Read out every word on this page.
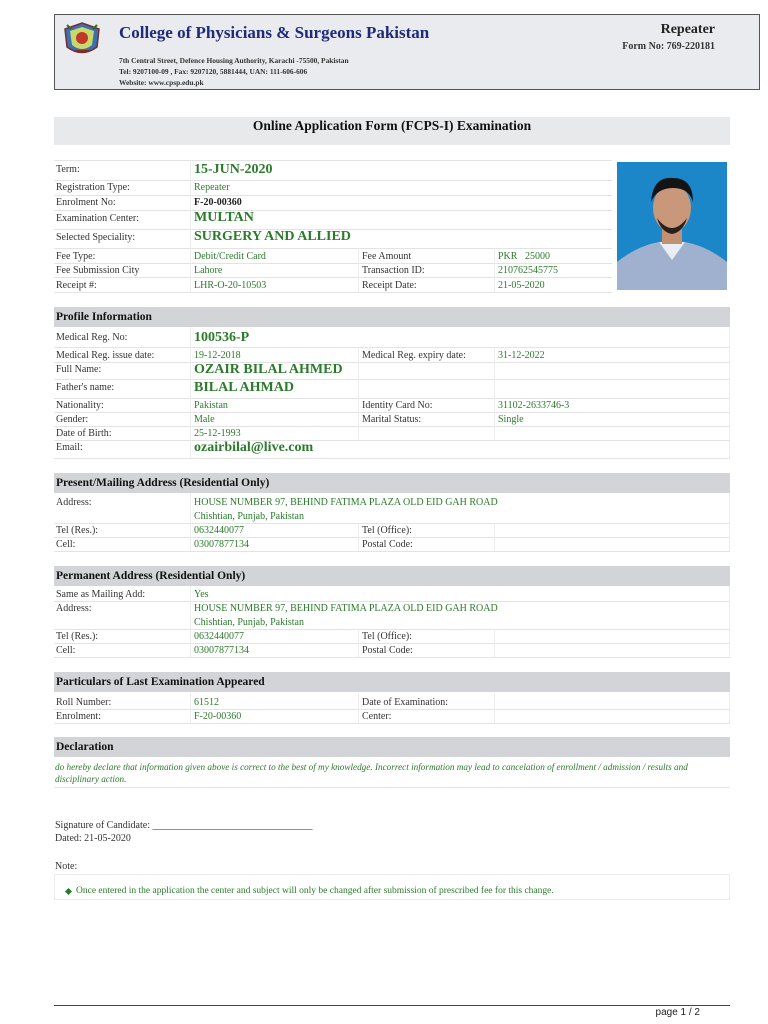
College of Physicians & Surgeons Pakistan
7th Central Street, Defence Housing Authority, Karachi -75500, Pakistan
Tel: 9207100-09 , Fax: 9207120, 5881444, UAN: 111-606-606
Website: www.cpsp.edu.pk
Repeater
Form No: 769-220181
Online Application Form (FCPS-I) Examination
Term:	15-JUN-2020
Registration Type:	Repeater
Enrolment No:	F-20-00360
Examination Center:	MULTAN
Selected Speciality:	SURGERY AND ALLIED
Fee Type:	Debit/Credit Card	Fee Amount	PKR   25000
Fee Submission City	Lahore	Transaction ID:	210762545775
Receipt #:	LHR-O-20-10503	Receipt Date:	21-05-2020
Profile Information
Medical Reg. No:	100536-P
Medical Reg. issue date:	19-12-2018	Medical Reg. expiry date:	31-12-2022
Full Name:	OZAIR BILAL AHMED
Father's name:	BILAL AHMAD
Nationality:	Pakistan	Identity Card No:	31102-2633746-3
Gender:	Male	Marital Status:	Single
Date of Birth:	25-12-1993
Email:	ozairbilal@live.com
Present/Mailing Address (Residential Only)
Address:	HOUSE NUMBER 97, BEHIND FATIMA PLAZA OLD EID GAH ROAD
Chishtian, Punjab, Pakistan
Tel (Res.):	0632440077	Tel (Office):
Cell:	03007877134	Postal Code:
Permanent Address (Residential Only)
Same as Mailing Add:	Yes
Address:	HOUSE NUMBER 97, BEHIND FATIMA PLAZA OLD EID GAH ROAD
Chishtian, Punjab, Pakistan
Tel (Res.):	0632440077	Tel (Office):
Cell:	03007877134	Postal Code:
Particulars of Last Examination Appeared
Roll Number:	61512	Date of Examination:
Enrolment:	F-20-00360	Center:
Declaration
do hereby declare that information given above is correct to the best of my knowledge. Incorrect information may lead to cancelation of enrollment / admission / results and disciplinary action.
Signature of Candidate: ________________________________
Dated: 21-05-2020
Note:
Once entered in the application the center and subject will only be changed after submission of prescribed fee for this change.
page 1 / 2
